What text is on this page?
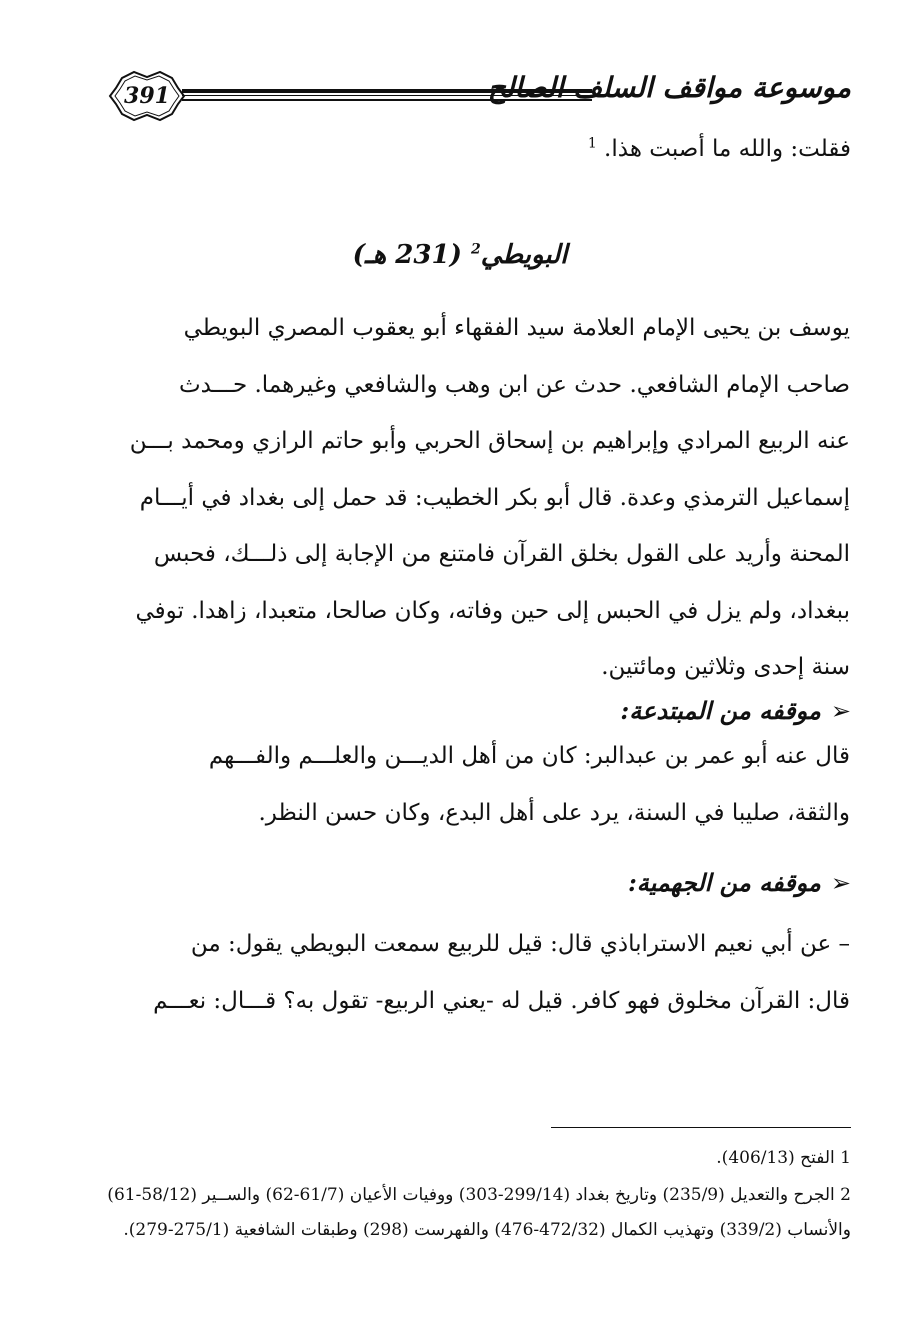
391	موسوعة مواقف السلف الصالح
فقلت: والله ما أصبت هذا. $^1$
البويطي$^2$ (231 هـ)
يوسف بن يحيى الإمام العلامة سيد الفقهاء أبو يعقوب المصري البويطي
صاحب الإمام الشافعي. حدث عن ابن وهب والشافعي وغيرهما. حـــدث
عنه الربيع المرادي وإبراهيم بن إسحاق الحربي وأبو حاتم الرازي ومحمد بـــن
إسماعيل الترمذي وعدة. قال أبو بكر الخطيب: قد حمل إلى بغداد في أيـــام
المحنة وأريد على القول بخلق القرآن فامتنع من الإجابة إلى ذلـــك، فحبس
ببغداد، ولم يزل في الحبس إلى حين وفاته، وكان صالحا، متعبدا، زاهدا. توفي
سنة إحدى وثلاثين ومائتين.
➢موقفه من المبتدعة:
قال عنه أبو عمر بن عبدالبر: كان من أهل الديـــن والعلـــم والفـــهم
والثقة، صليبا في السنة، يرد على أهل البدع، وكان حسن النظر.
➢موقفه من الجهمية:
– عن أبي نعيم الاستراباذي قال: قيل للربيع سمعت البويطي يقول: من
قال: القرآن مخلوق فهو كافر. قيل له -يعني الربيع- تقول به؟ قـــال: نعـــم
1 الفتح (406/13).
2 الجرح والتعديل (235/9) وتاريخ بغداد (299/14-303) ووفيات الأعيان (61/7-62) والســير (58/12-61)
والأنساب (339/2) وتهذيب الكمال (472/32-476) والفهرست (298) وطبقات الشافعية (275/1-279).
